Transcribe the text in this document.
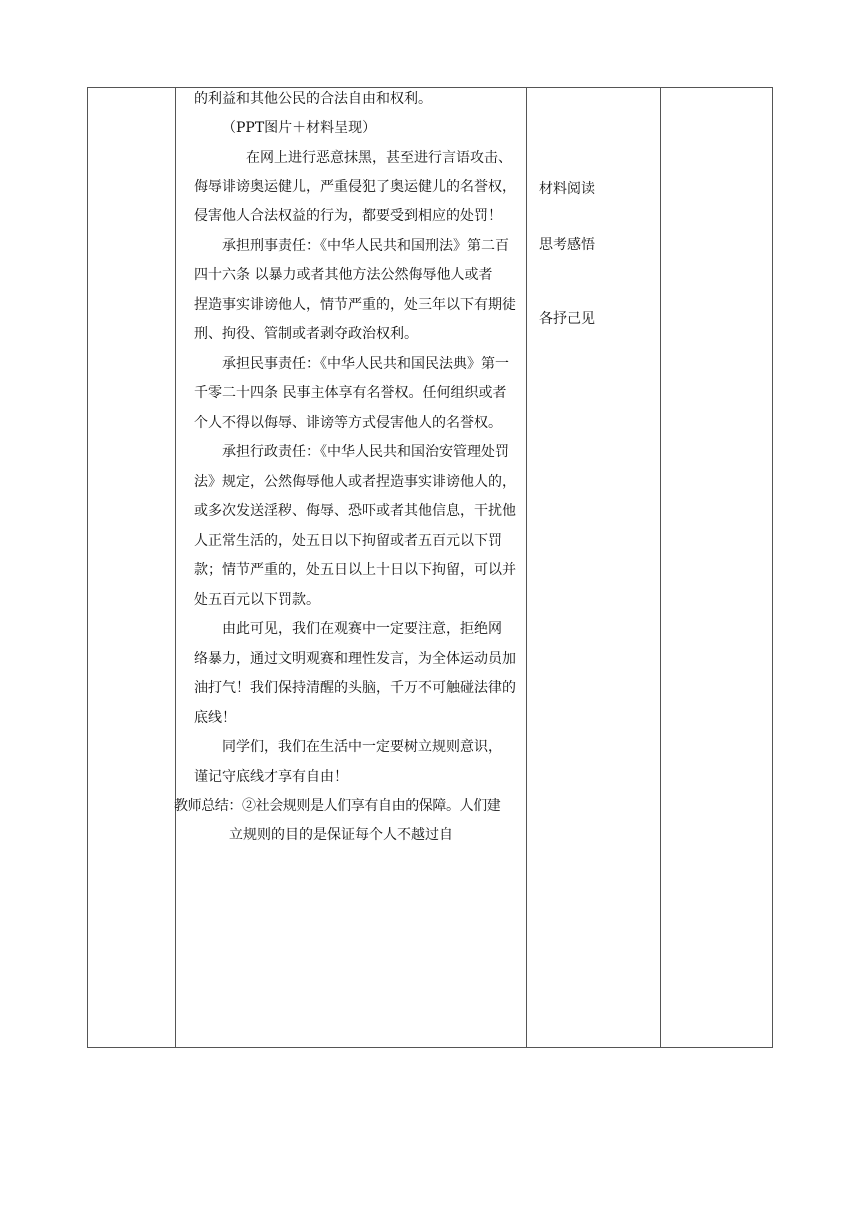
的利益和其他公民的合法自由和权利。
（PPT图片＋材料呈现）
在网上进行恶意抹黑，甚至进行言语攻击、
侮辱诽谤奥运健儿，严重侵犯了奥运健儿的名誉权，
侵害他人合法权益的行为，都要受到相应的处罚！
承担刑事责任：《中华人民共和国刑法》第二百
四十六条 以暴力或者其他方法公然侮辱他人或者
捏造事实诽谤他人，情节严重的，处三年以下有期徒
刑、拘役、管制或者剥夺政治权利。
承担民事责任：《中华人民共和国民法典》第一
千零二十四条 民事主体享有名誉权。任何组织或者
个人不得以侮辱、诽谤等方式侵害他人的名誉权。
承担行政责任：《中华人民共和国治安管理处罚
法》规定，公然侮辱他人或者捏造事实诽谤他人的，
或多次发送淫秽、侮辱、恐吓或者其他信息，干扰他
人正常生活的，处五日以下拘留或者五百元以下罚
款；情节严重的，处五日以上十日以下拘留，可以并
处五百元以下罚款。
由此可见，我们在观赛中一定要注意，拒绝网
络暴力，通过文明观赛和理性发言，为全体运动员加
油打气！我们保持清醒的头脑，千万不可触碰法律的
底线！
同学们，我们在生活中一定要树立规则意识，
谨记守底线才享有自由！
教师总结：②社会规则是人们享有自由的保障。人们建
立规则的目的是保证每个人不越过自
材料阅读
思考感悟
各抒己见
